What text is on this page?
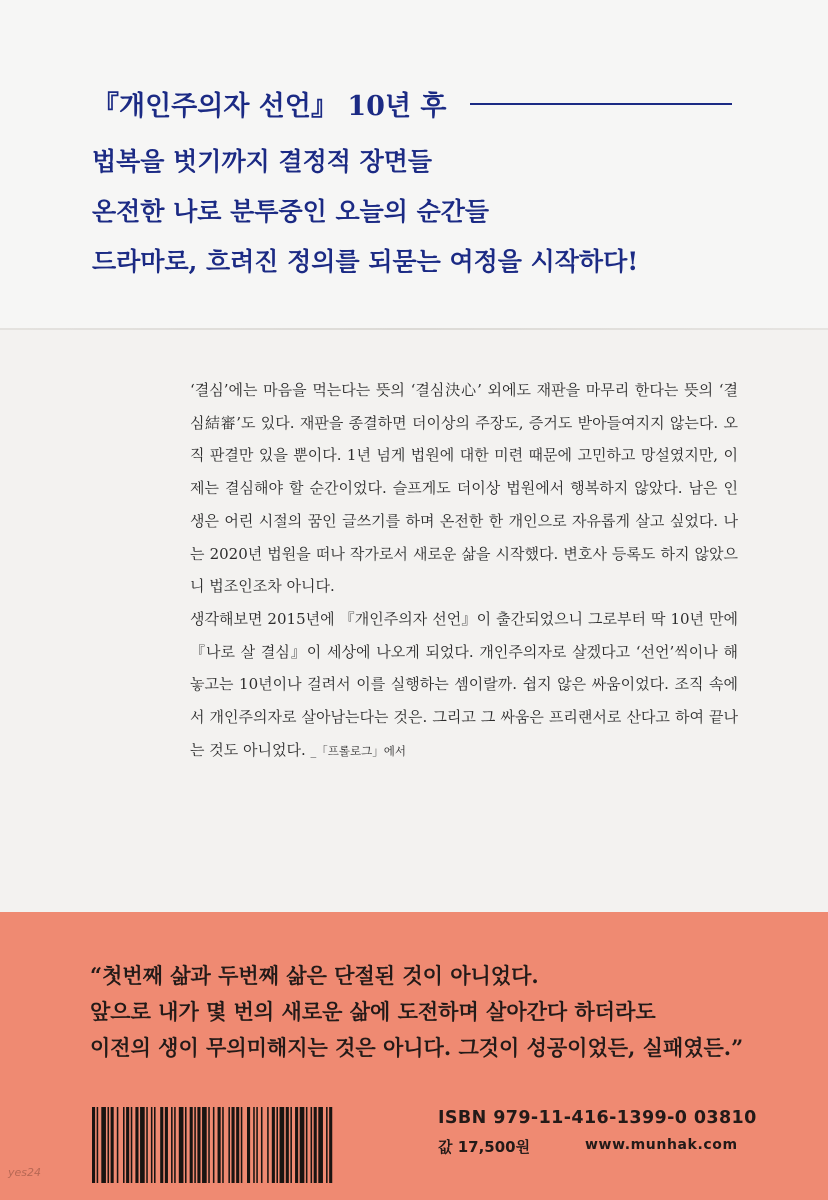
『개인주의자 선언』 10년 후
법복을 벗기까지 결정적 장면들
온전한 나로 분투중인 오늘의 순간들
드라마로, 흐려진 정의를 되묻는 여정을 시작하다!

‘결심’에는 마음을 먹는다는 뜻의 ‘결심決心’ 외에도 재판을 마무리 한다는 뜻의 ‘결심結審’도 있다. 재판을 종결하면 더이상의 주장도, 증거도 받아들여지지 않는다. 오직 판결만 있을 뿐이다. 1년 넘게 법원에 대한 미련 때문에 고민하고 망설였지만, 이제는 결심해야 할 순간이었다. 슬프게도 더이상 법원에서 행복하지 않았다. 남은 인생은 어린 시절의 꿈인 글쓰기를 하며 온전한 한 개인으로 자유롭게 살고 싶었다. 나는 2020년 법원을 떠나 작가로서 새로운 삶을 시작했다. 변호사 등록도 하지 않았으니 법조인조차 아니다.

생각해보면 2015년에 『개인주의자 선언』이 출간되었으니 그로부터 딱 10년 만에 『나로 살 결심』이 세상에 나오게 되었다. 개인주의자로 살겠다고 ‘선언’씩이나 해놓고는 10년이나 걸려서 이를 실행하는 셈이랄까. 쉽지 않은 싸움이었다. 조직 속에서 개인주의자로 살아남는다는 것은. 그리고 그 싸움은 프리랜서로 산다고 하여 끝나는 것도 아니었다. _「프롤로그」에서

“첫번째 삶과 두번째 삶은 단절된 것이 아니었다.
앞으로 내가 몇 번의 새로운 삶에 도전하며 살아간다 하더라도
이전의 생이 무의미해지는 것은 아니다. 그것이 성공이었든, 실패였든.”
ISBN 979-11-416-1399-0 03810
값 17,500원	www.munhak.com
yes24
